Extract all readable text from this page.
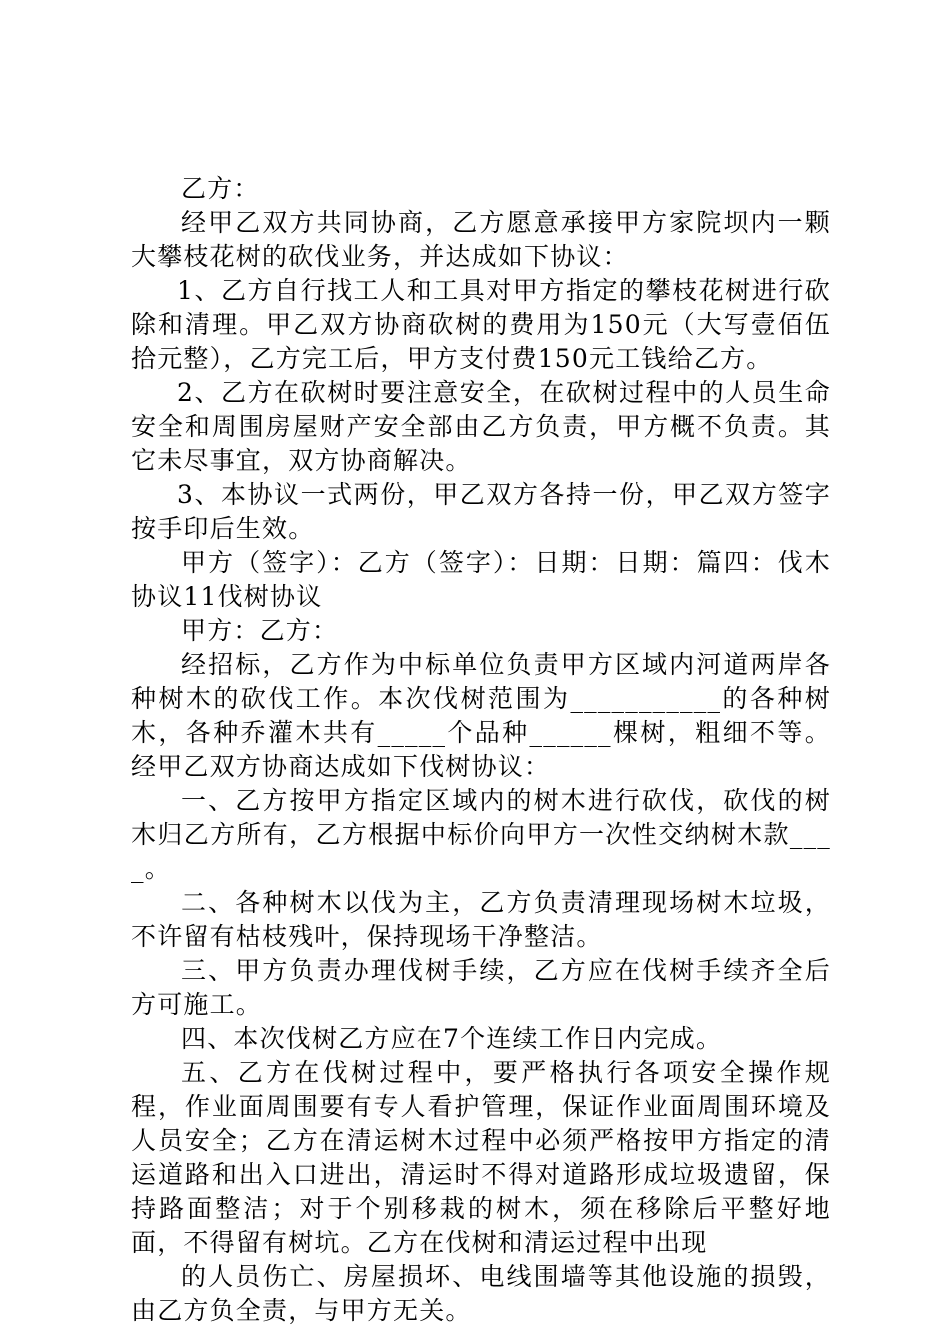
乙方：

经甲乙双方共同协商，乙方愿意承接甲方家院坝内一颗大攀枝花树的砍伐业务，并达成如下协议：

1、乙方自行找工人和工具对甲方指定的攀枝花树进行砍除和清理。甲乙双方协商砍树的费用为150元（大写壹佰伍拾元整），乙方完工后，甲方支付费150元工钱给乙方。

2、乙方在砍树时要注意安全，在砍树过程中的人员生命安全和周围房屋财产安全部由乙方负责，甲方概不负责。其它未尽事宜，双方协商解决。

3、本协议一式两份，甲乙双方各持一份，甲乙双方签字按手印后生效。

甲方（签字）：乙方（签字）：日期：日期：篇四：伐木协议11伐树协议

甲方：乙方：

经招标，乙方作为中标单位负责甲方区域内河道两岸各种树木的砍伐工作。本次伐树范围为___________的各种树木，各种乔灌木共有_____个品种______棵树，粗细不等。经甲乙双方协商达成如下伐树协议：

一、乙方按甲方指定区域内的树木进行砍伐，砍伐的树木归乙方所有，乙方根据中标价向甲方一次性交纳树木款____。

二、各种树木以伐为主，乙方负责清理现场树木垃圾，不许留有枯枝残叶，保持现场干净整洁。

三、甲方负责办理伐树手续，乙方应在伐树手续齐全后方可施工。

四、本次伐树乙方应在7个连续工作日内完成。

五、乙方在伐树过程中，要严格执行各项安全操作规程，作业面周围要有专人看护管理，保证作业面周围环境及人员安全；乙方在清运树木过程中必须严格按甲方指定的清运道路和出入口进出，清运时不得对道路形成垃圾遗留，保持路面整洁；对于个别移栽的树木，须在移除后平整好地面，不得留有树坑。乙方在伐树和清运过程中出现

的人员伤亡、房屋损坏、电线围墙等其他设施的损毁，由乙方负全责，与甲方无关。
